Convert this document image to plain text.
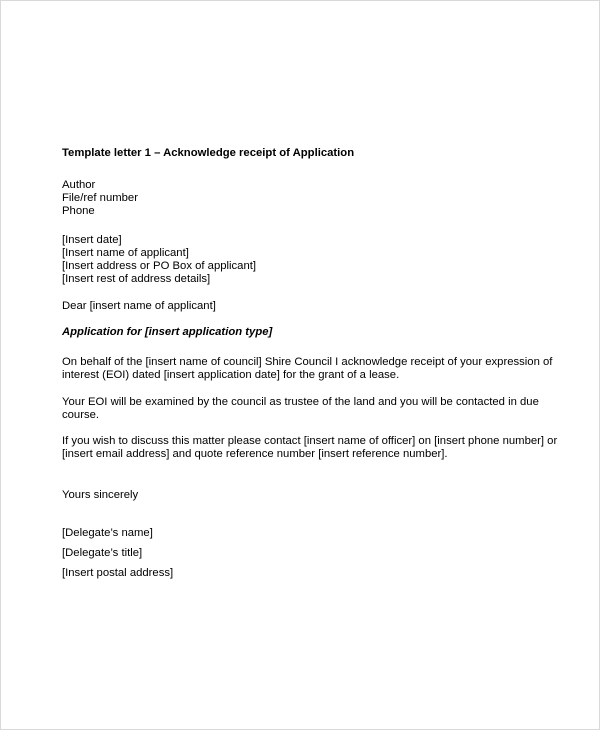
Template letter 1 – Acknowledge receipt of Application
Author
File/ref number
Phone
[Insert date]
[Insert name of applicant]
[Insert address or PO Box of applicant]
[Insert rest of address details]
Dear [insert name of applicant]
Application for [insert application type]
On behalf of the [insert name of council] Shire Council I acknowledge receipt of your expression of
interest (EOI) dated [insert application date] for the grant of a lease.
Your EOI will be examined by the council as trustee of the land and you will be contacted in due
course.
If you wish to discuss this matter please contact [insert name of officer] on [insert phone number] or
[insert email address] and quote reference number [insert reference number].
Yours sincerely
[Delegate’s name]
[Delegate’s title]
[Insert postal address]
